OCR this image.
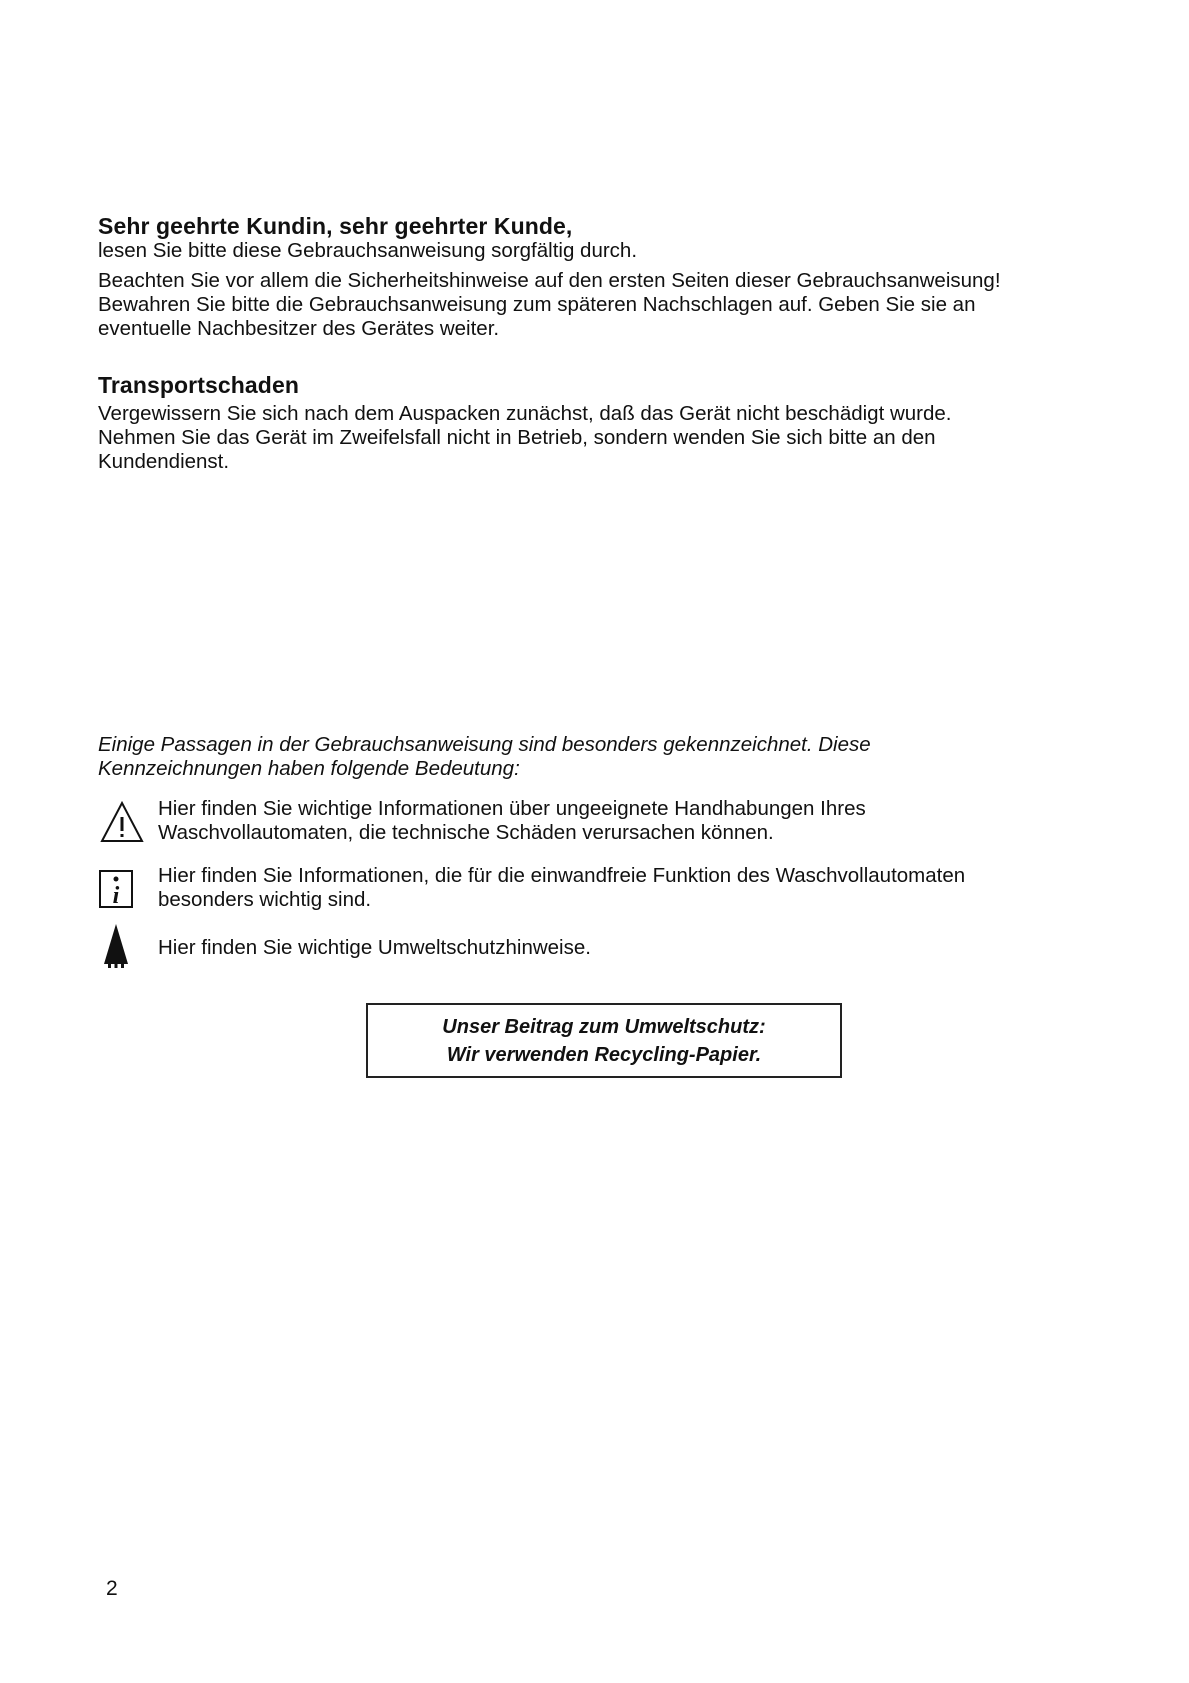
Sehr geehrte Kundin, sehr geehrter Kunde,

lesen Sie bitte diese Gebrauchsanweisung sorgfältig durch.

Beachten Sie vor allem die Sicherheitshinweise auf den ersten Seiten dieser Gebrauchsanweisung!

Bewahren Sie bitte die Gebrauchsanweisung zum späteren Nachschlagen auf. Geben Sie sie an

eventuelle Nachbesitzer des Gerätes weiter.

Transportschaden

Vergewissern Sie sich nach dem Auspacken zunächst, daß das Gerät nicht beschädigt wurde.

Nehmen Sie das Gerät im Zweifelsfall nicht in Betrieb, sondern wenden Sie sich bitte an den

Kundendienst.

Einige Passagen in der Gebrauchsanweisung sind besonders gekennzeichnet. Diese

Kennzeichnungen haben folgende Bedeutung:

Hier finden Sie wichtige Informationen über ungeeignete Handhabungen Ihres

Waschvollautomaten, die technische Schäden verursachen können.

i

Hier finden Sie Informationen, die für die einwandfreie Funktion des Waschvollautomaten

besonders wichtig sind.

Hier finden Sie wichtige Umweltschutzhinweise.

Unser Beitrag zum Umweltschutz:

Wir verwenden Recycling-Papier.

2
